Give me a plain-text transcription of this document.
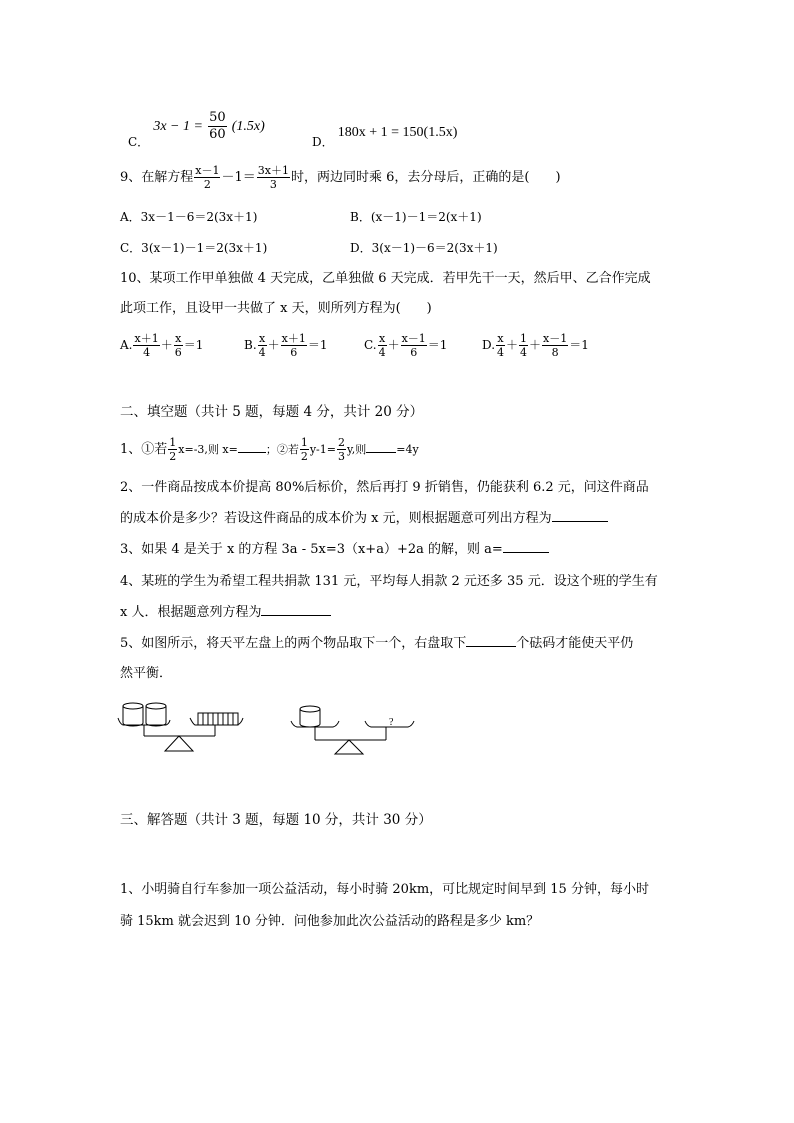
C． $3x - 1 = \frac{50}{60} (1.5x)$
D． 180x + 1 = 150(1.5x)
9、在解方程 $\frac{x-1}{2} -1= \frac{3x+1}{3}$ 时，两边同时乘 6，去分母后，正确的是(　　)
A．3x－1－6＝2(3x＋1)	B．(x－1)－1＝2(x＋1)
C．3(x－1)－1＝2(3x＋1)	D．3(x－1)－6＝2(3x＋1)
10、某项工作甲单独做 4 天完成，乙单独做 6 天完成．若甲先干一天，然后甲、乙合作完成
此项工作，且设甲一共做了 x 天，则所列方程为(　　)
A. $\frac{x+1}{4} + \frac{x}{6} =1$	B. $\frac{x}{4} + \frac{x+1}{6} =1$	C. $\frac{x}{4} + \frac{x-1}{6} =1$	D. $\frac{x}{4} + \frac{1}{4} + \frac{x-1}{8} =1$
二、填空题（共计 5 题，每题 4 分，共计 20 分）
1、①若 $\frac{1}{2} x=-3$,则 x=	；②若 $\frac{1}{2} y-1= \frac{2}{3} y$,则	=4y
2、一件商品按成本价提高 80%后标价，然后再打 9 折销售，仍能获利 6.2 元，问这件商品
的成本价是多少？若设这件商品的成本价为 x 元，则根据题意可列出方程为
3、如果 4 是关于 x 的方程 3a - 5x=3（x+a）+2a 的解，则 a=
4、某班的学生为希望工程共捐款 131 元，平均每人捐款 2 元还多 35 元．设这个班的学生有
x 人．根据题意列方程为
5、如图所示，将天平左盘上的两个物品取下一个，右盘取下	个砝码才能使天平仍
然平衡．
?
三、解答题（共计 3 题，每题 10 分，共计 30 分）
1、小明骑自行车参加一项公益活动，每小时骑 20km，可比规定时间早到 15 分钟，每小时
骑 15km 就会迟到 10 分钟．问他参加此次公益活动的路程是多少 km？
